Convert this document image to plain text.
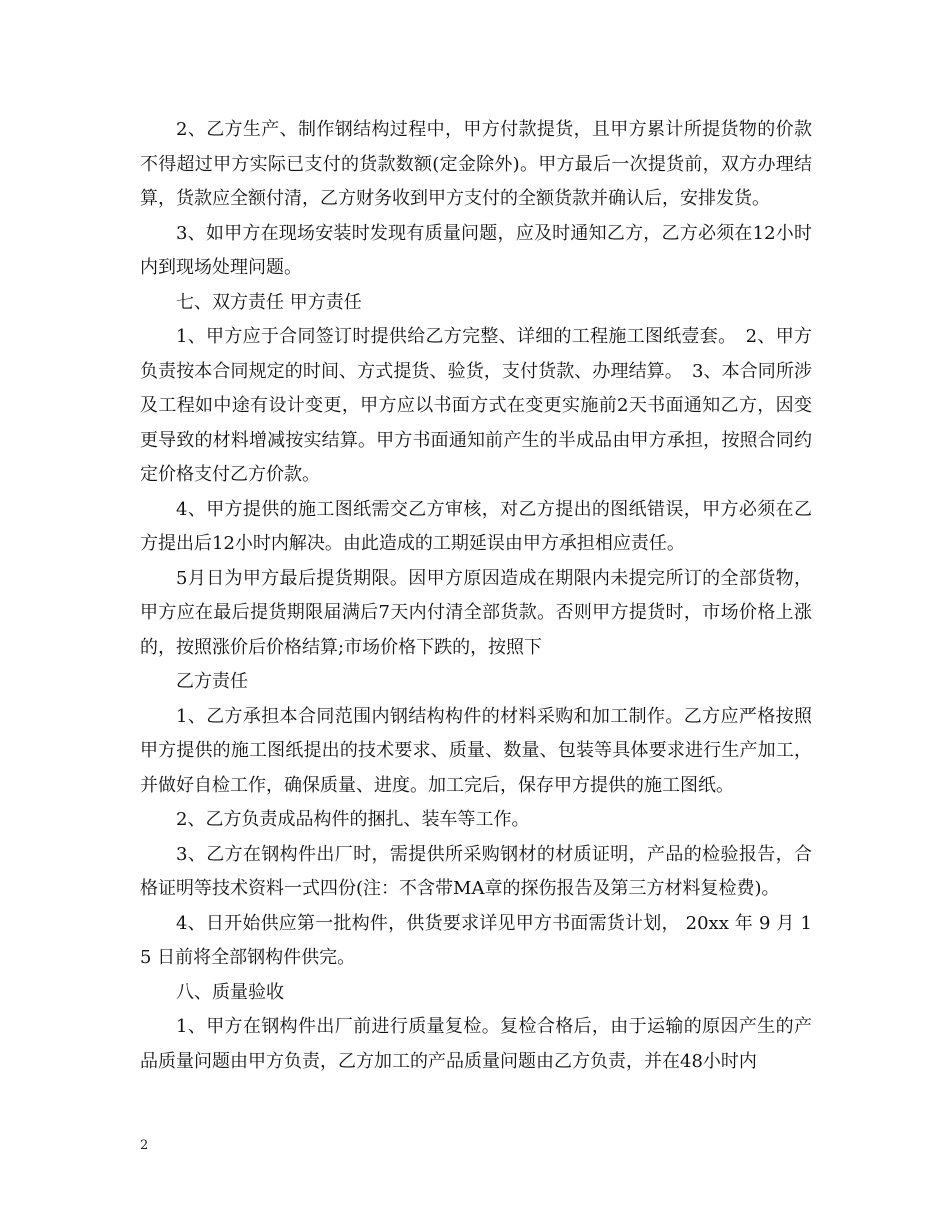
2、乙方生产、制作钢结构过程中，甲方付款提货，且甲方累计所提货物的价款不得超过甲方实际已支付的货款数额(定金除外)。甲方最后一次提货前，双方办理结算，货款应全额付清，乙方财务收到甲方支付的全额货款并确认后，安排发货。

3、如甲方在现场安装时发现有质量问题，应及时通知乙方，乙方必须在12小时内到现场处理问题。

七、双方责任 甲方责任

1、甲方应于合同签订时提供给乙方完整、详细的工程施工图纸壹套。　2、甲方负责按本合同规定的时间、方式提货、验货，支付货款、办理结算。　3、本合同所涉及工程如中途有设计变更，甲方应以书面方式在变更实施前2天书面通知乙方，因变更导致的材料增减按实结算。甲方书面通知前产生的半成品由甲方承担，按照合同约定价格支付乙方价款。

4、甲方提供的施工图纸需交乙方审核，对乙方提出的图纸错误，甲方必须在乙方提出后12小时内解决。由此造成的工期延误由甲方承担相应责任。

5月日为甲方最后提货期限。因甲方原因造成在期限内未提完所订的全部货物，甲方应在最后提货期限届满后7天内付清全部货款。否则甲方提货时，市场价格上涨的，按照涨价后价格结算;市场价格下跌的，按照下

乙方责任

1、乙方承担本合同范围内钢结构构件的材料采购和加工制作。乙方应严格按照甲方提供的施工图纸提出的技术要求、质量、数量、包装等具体要求进行生产加工，并做好自检工作，确保质量、进度。加工完后，保存甲方提供的施工图纸。

2、乙方负责成品构件的捆扎、装车等工作。

3、乙方在钢构件出厂时，需提供所采购钢材的材质证明，产品的检验报告，合格证明等技术资料一式四份(注：不含带MA章的探伤报告及第三方材料复检费)。

4、日开始供应第一批构件，供货要求详见甲方书面需货计划， 20xx 年 9 月 15 日前将全部钢构件供完。

八、质量验收

1、甲方在钢构件出厂前进行质量复检。复检合格后，由于运输的原因产生的产品质量问题由甲方负责，乙方加工的产品质量问题由乙方负责，并在48小时内

2
